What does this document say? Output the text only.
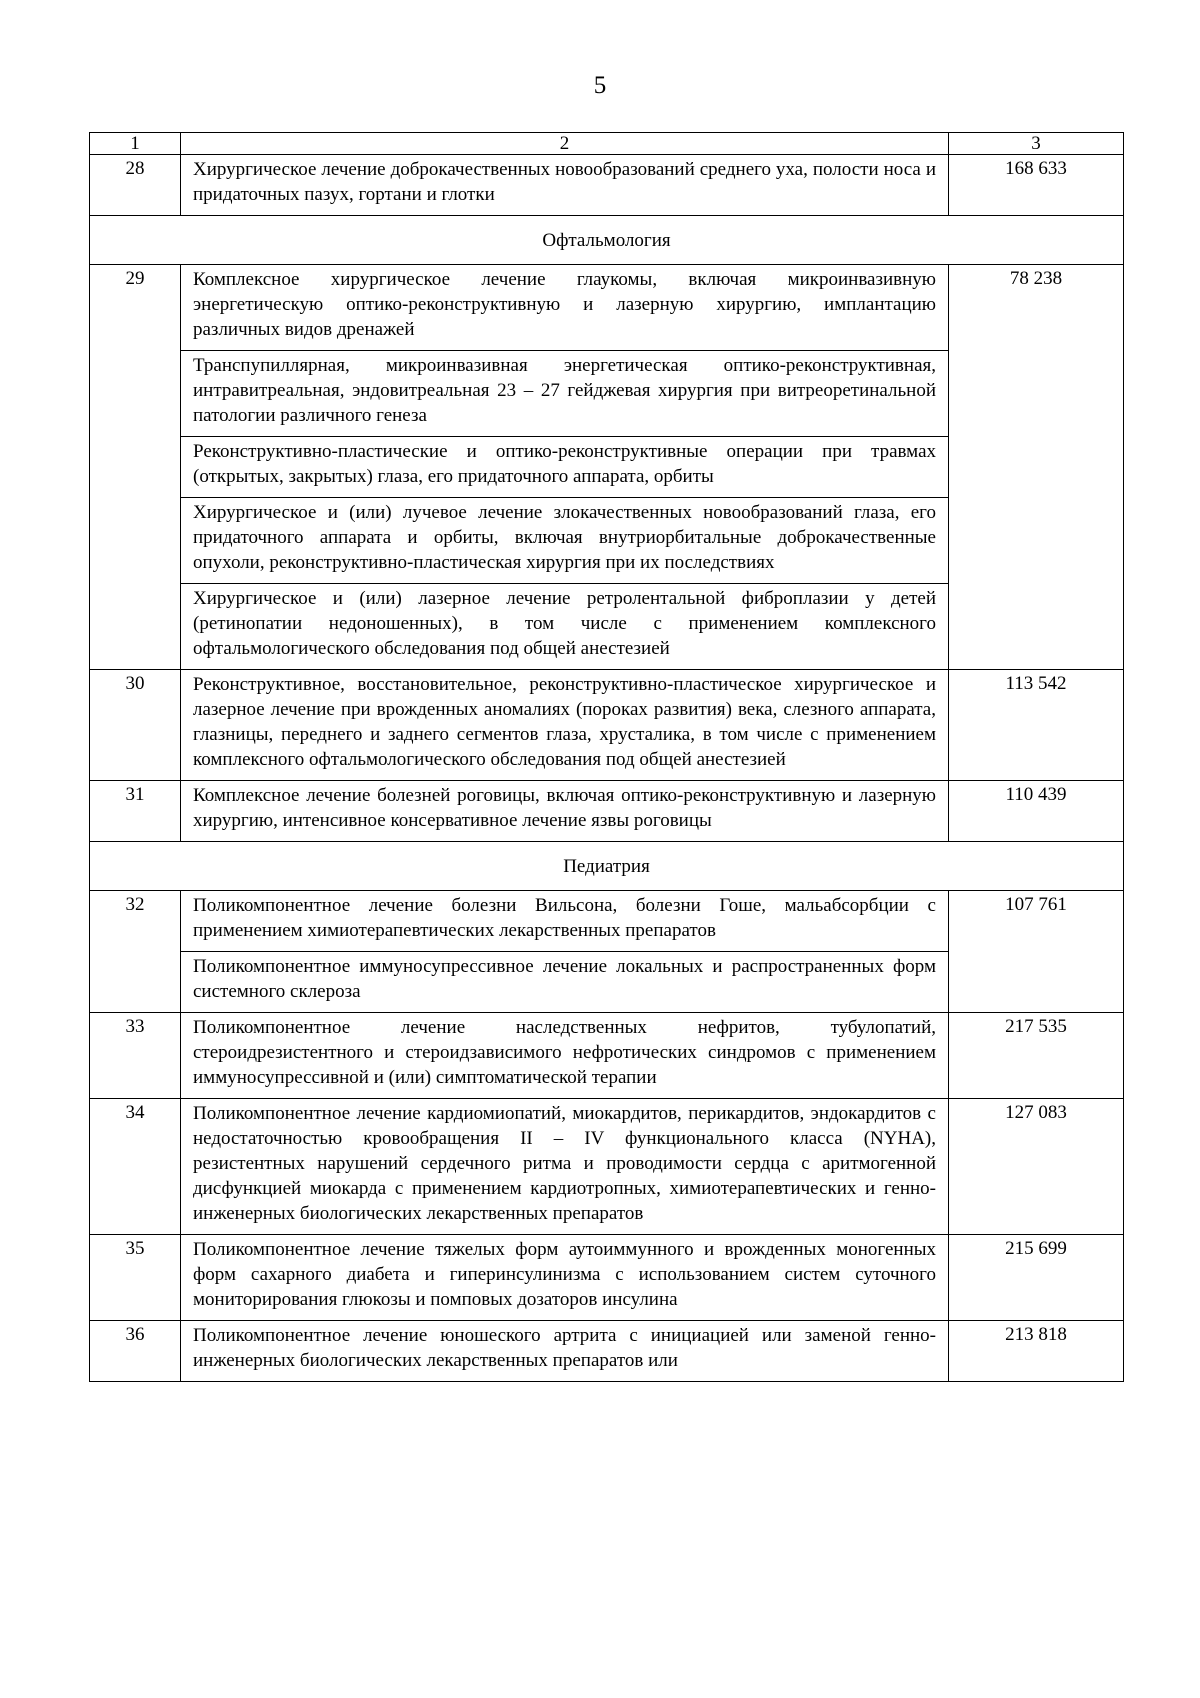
5
1	2	3
28	Хирургическое лечение доброкачественных новообразований среднего уха, полости носа и придаточных пазух, гортани и глотки	168 633
Офтальмология		
29	Комплексное хирургическое лечение глаукомы, включая микроинвазивную энергетическую оптико-реконструктивную и лазерную хирургию, имплантацию различных видов дренажей	78 238

	Транспупиллярная, микроинвазивная энергетическая оптико-реконструктивная, интравитреальная, эндовитреальная 23 – 27 гейджевая хирургия при витреоретинальной патологии различного генеза	

	Реконструктивно-пластические и оптико-реконструктивные операции при травмах (открытых, закрытых) глаза, его придаточного аппарата, орбиты	

	Хирургическое и (или) лучевое лечение злокачественных новообразований глаза, его придаточного аппарата и орбиты, включая внутриорбитальные доброкачественные опухоли, реконструктивно-пластическая хирургия при их последствиях	

	Хирургическое и (или) лазерное лечение ретролентальной фиброплазии у детей (ретинопатии недоношенных), в том числе с применением комплексного офтальмологического обследования под общей анестезией	

30	Реконструктивное, восстановительное, реконструктивно-пластическое хирургическое и лазерное лечение при врожденных аномалиях (пороках развития) века, слезного аппарата, глазницы, переднего и заднего сегментов глаза, хрусталика, в том числе с применением комплексного офтальмологического обследования под общей анестезией	113 542
31	Комплексное лечение болезней роговицы, включая оптико-реконструктивную и лазерную хирургию, интенсивное консервативное лечение язвы роговицы	110 439
Педиатрия		
32	Поликомпонентное лечение болезни Вильсона, болезни Гоше, мальабсорбции с применением химиотерапевтических лекарственных препаратов	107 761

	Поликомпонентное иммуносупрессивное лечение локальных и распространенных форм системного склероза	

33	Поликомпонентное лечение наследственных нефритов, тубулопатий, стероидрезистентного и стероидзависимого нефротических синдромов с применением иммуносупрессивной и (или) симптоматической терапии	217 535
34	Поликомпонентное лечение кардиомиопатий, миокардитов, перикардитов, эндокардитов с недостаточностью кровообращения II – IV функционального класса (NYHA), резистентных нарушений сердечного ритма и проводимости сердца с аритмогенной дисфункцией миокарда с применением кардиотропных, химиотерапевтических и генно-инженерных биологических лекарственных препаратов	127 083
35	Поликомпонентное лечение тяжелых форм аутоиммунного и врожденных моногенных форм сахарного диабета и гиперинсулинизма с использованием систем суточного мониторирования глюкозы и помповых дозаторов инсулина	215 699
36	Поликомпонентное лечение юношеского артрита с инициацией или заменой генно-инженерных биологических лекарственных препаратов или	213 818
